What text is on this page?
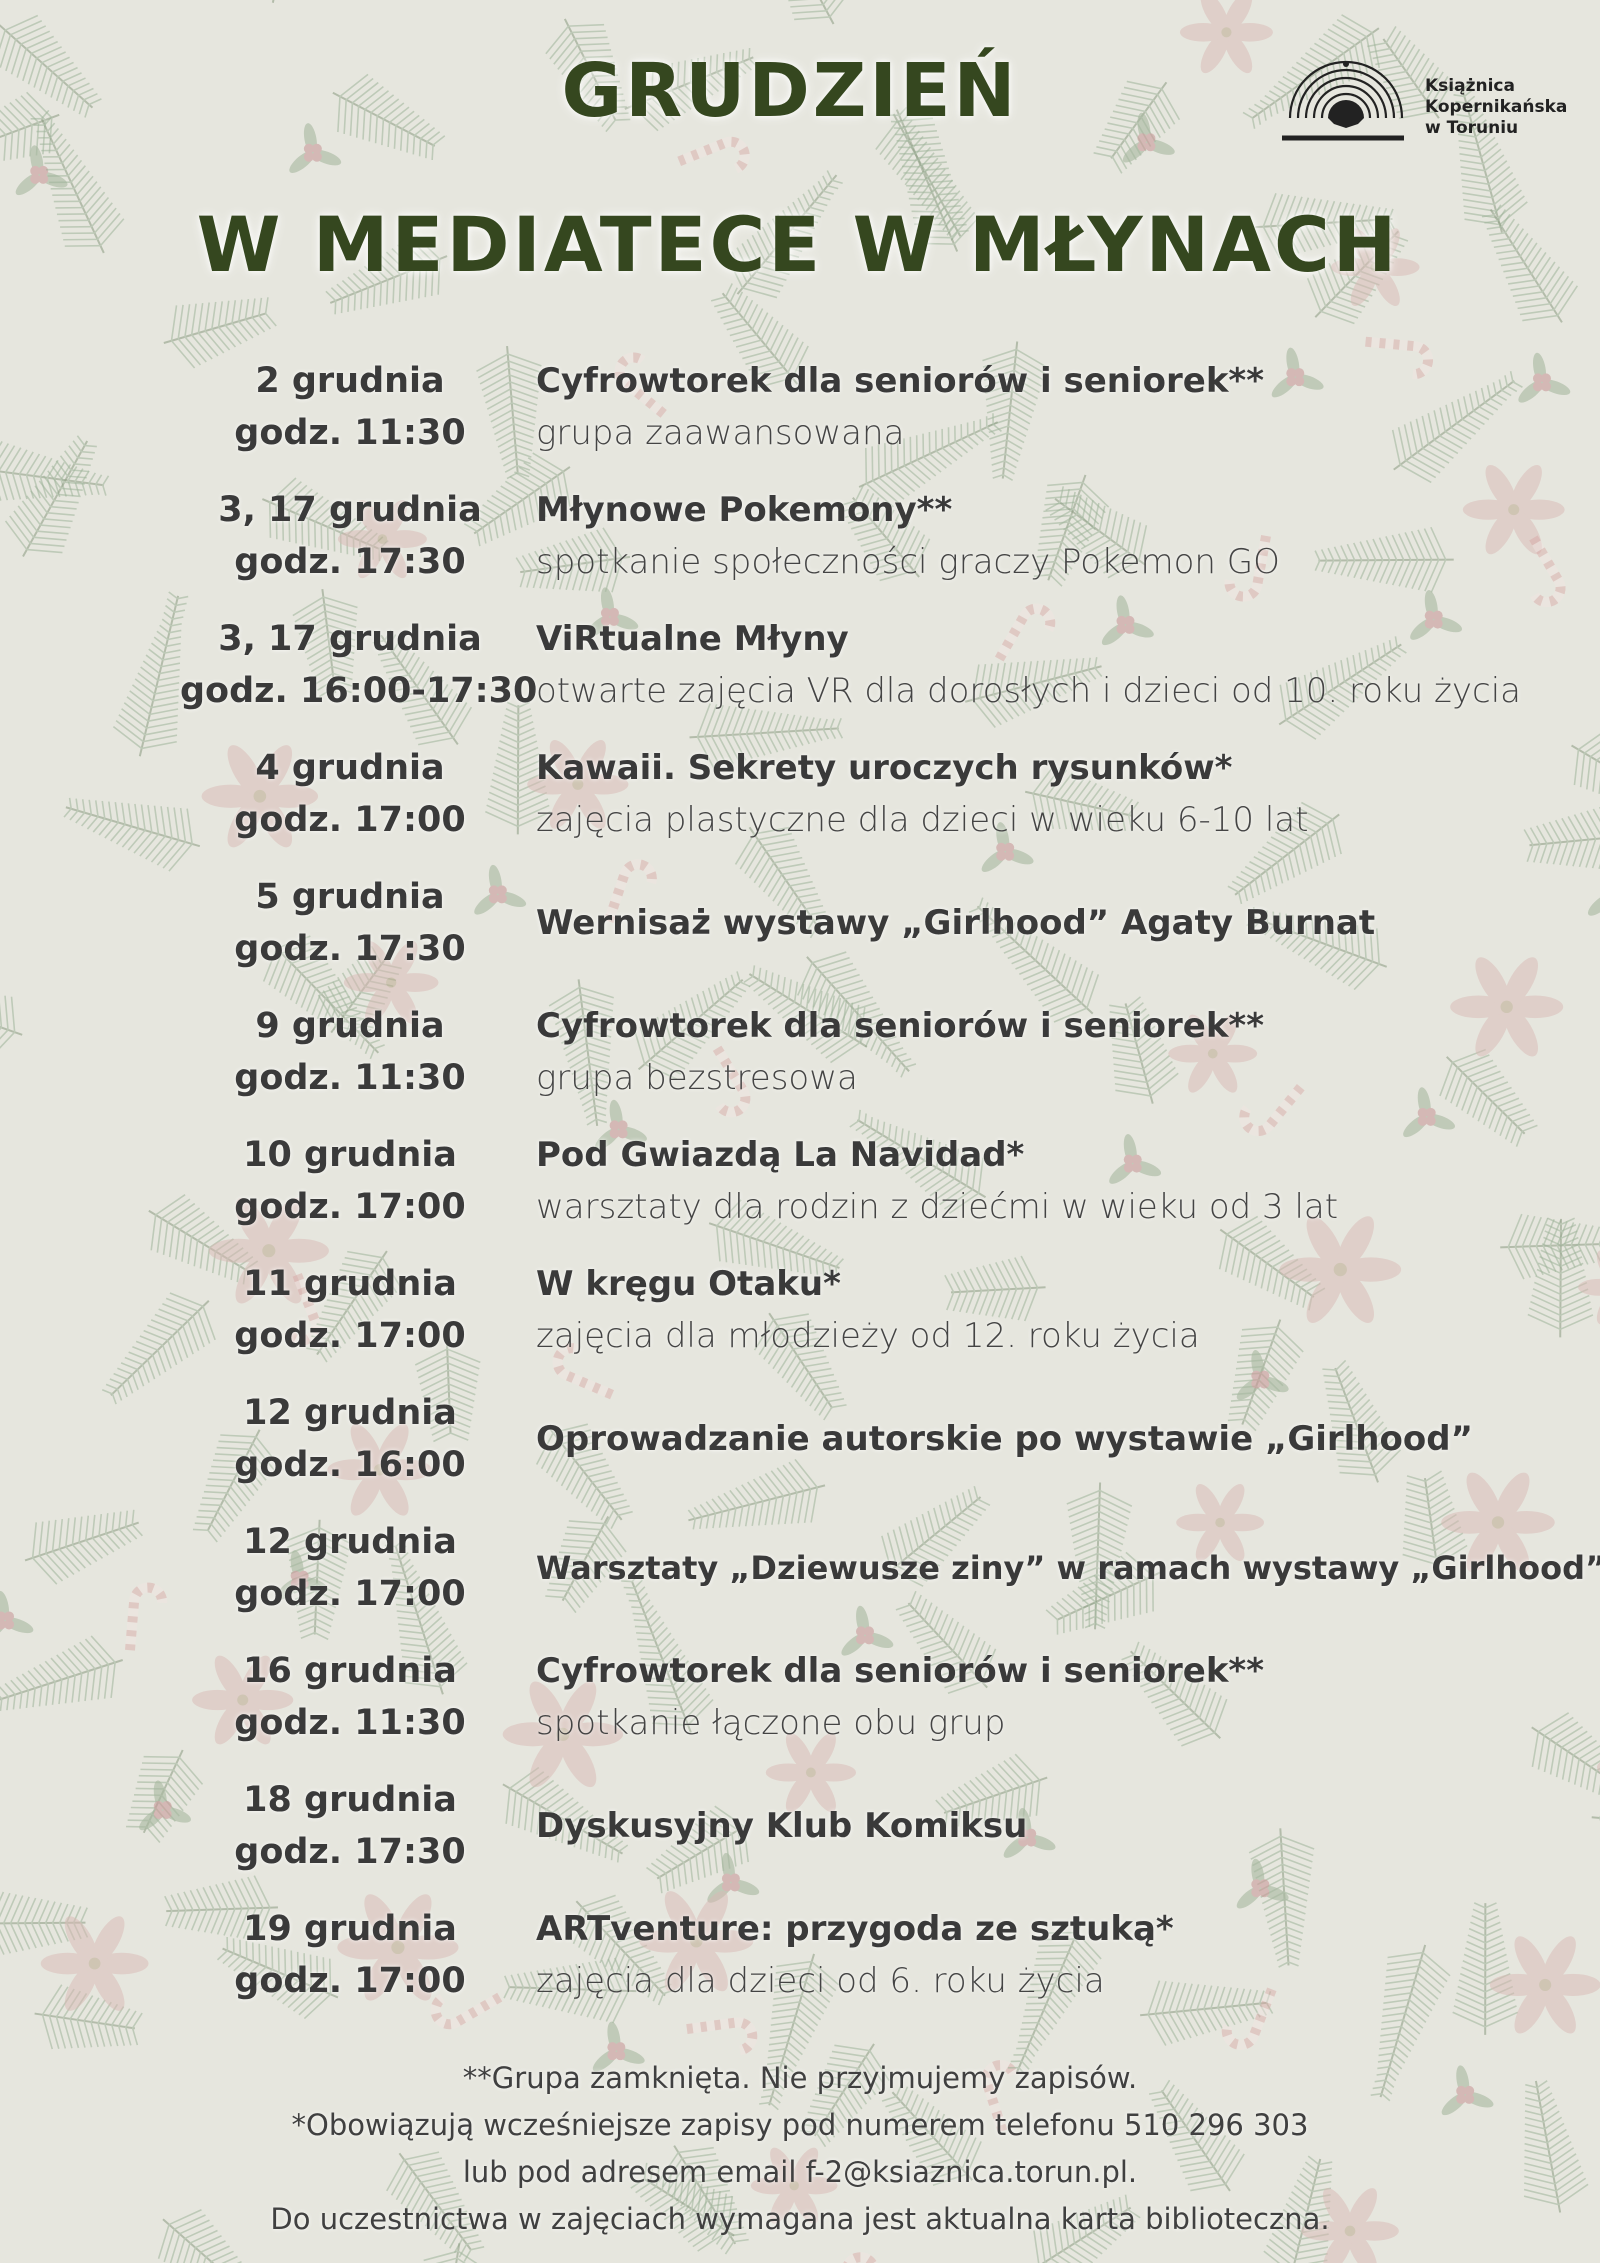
GRUDZIEŃ
W MEDIATECE W MŁYNACH
Książnica
Kopernikańska
w Toruniu
2 grudnia
godz. 11:30
Cyfrowtorek dla seniorów i seniorek**
grupa zaawansowana
3, 17 grudnia
godz. 17:30
Młynowe Pokemony**
spotkanie społeczności graczy Pokemon GO
3, 17 grudnia
godz. 16:00-17:30
ViRtualne Młyny
otwarte zajęcia VR dla dorosłych i dzieci od 10. roku życia
4 grudnia
godz. 17:00
Kawaii. Sekrety uroczych rysunków*
zajęcia plastyczne dla dzieci w wieku 6-10 lat
5 grudnia
godz. 17:30
Wernisaż wystawy „Girlhood” Agaty Burnat
9 grudnia
godz. 11:30
Cyfrowtorek dla seniorów i seniorek**
grupa bezstresowa
10 grudnia
godz. 17:00
Pod Gwiazdą La Navidad*
warsztaty dla rodzin z dziećmi w wieku od 3 lat
11 grudnia
godz. 17:00
W kręgu Otaku*
zajęcia dla młodzieży od 12. roku życia
12 grudnia
godz. 16:00
Oprowadzanie autorskie po wystawie „Girlhood”
12 grudnia
godz. 17:00
Warsztaty „Dziewusze ziny” w ramach wystawy „Girlhood”*
16 grudnia
godz. 11:30
Cyfrowtorek dla seniorów i seniorek**
spotkanie łączone obu grup
18 grudnia
godz. 17:30
Dyskusyjny Klub Komiksu
19 grudnia
godz. 17:00
ARTventure: przygoda ze sztuką*
zajęcia dla dzieci od 6. roku życia
**Grupa zamknięta. Nie przyjmujemy zapisów.
*Obowiązują wcześniejsze zapisy pod numerem telefonu 510 296 303
lub pod adresem email f-2@ksiaznica.torun.pl.
Do uczestnictwa w zajęciach wymagana jest aktualna karta biblioteczna.
